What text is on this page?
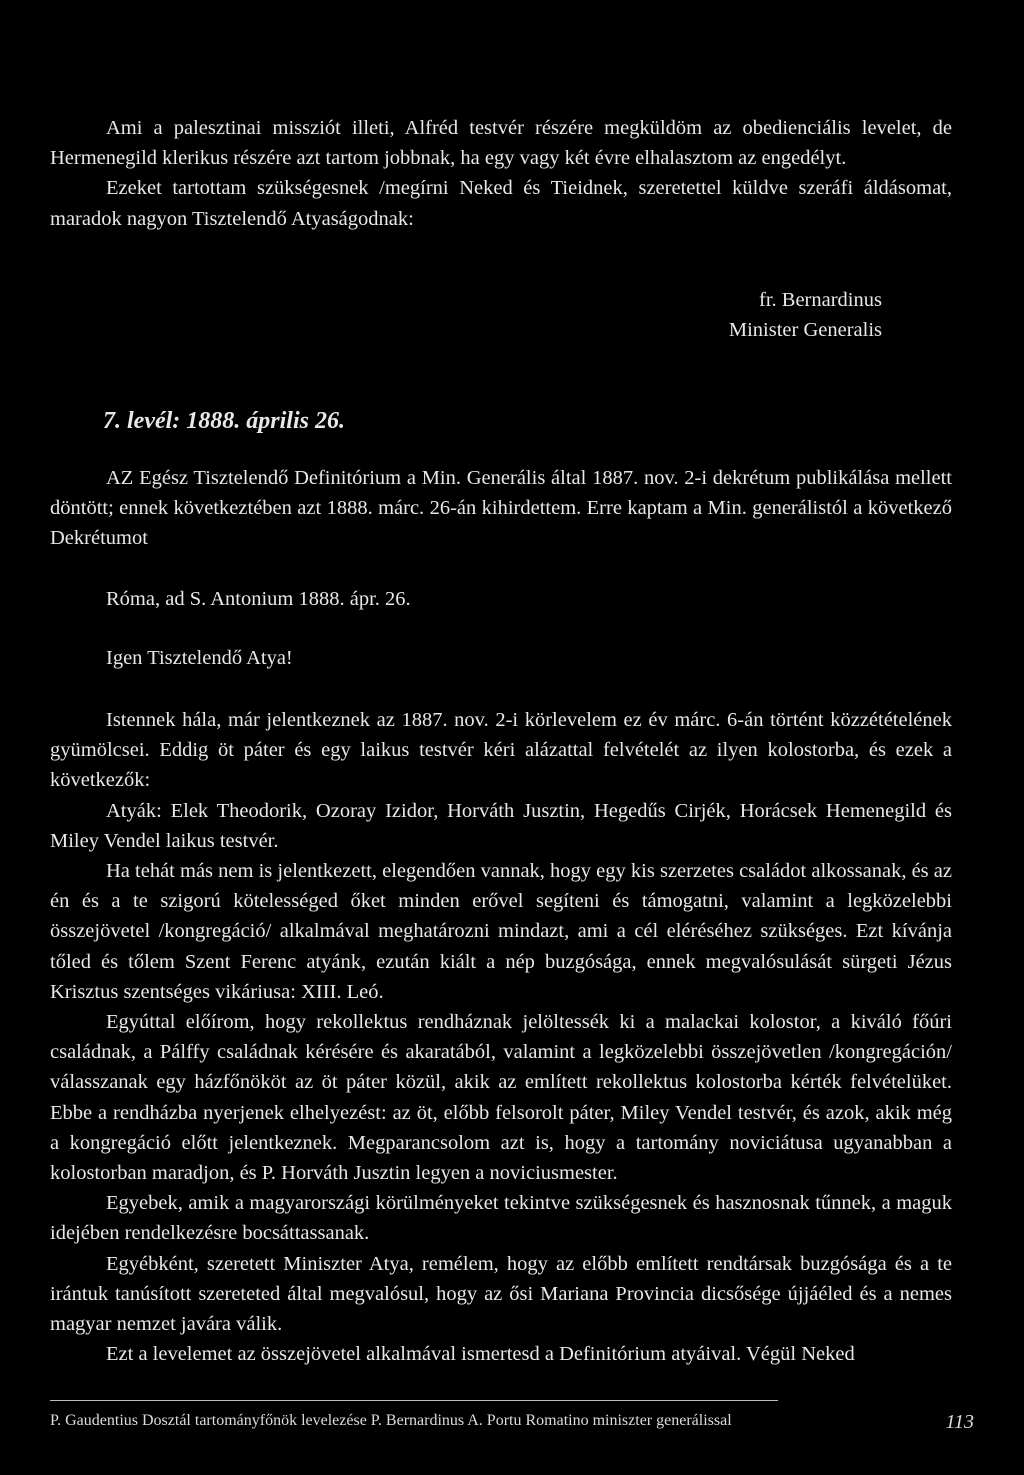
Ami a palesztinai missziót illeti, Alfréd testvér részére megküldöm az obedienciális levelet, de Hermenegild klerikus részére azt tartom jobbnak, ha egy vagy két évre elhalasztom az engedélyt.

Ezeket tartottam szükségesnek /megírni Neked és Tieidnek, szeretettel küldve szeráfi áldásomat, maradok nagyon Tisztelendő Atyaságodnak:

fr. Bernardinus
Minister Generalis
7. levél: 1888. április 26.

AZ Egész Tisztelendő Definitórium a Min. Generális által 1887. nov. 2-i dekrétum publikálása mellett döntött; ennek következtében azt 1888. márc. 26-án kihirdettem. Erre kaptam a Min. generálistól a következő Dekrétumot

Róma, ad S. Antonium 1888. ápr. 26.
Igen Tisztelendő Atya!

Istennek hála, már jelentkeznek az 1887. nov. 2-i körlevelem ez év márc. 6-án történt közzétételének gyümölcsei. Eddig öt páter és egy laikus testvér kéri alázattal felvételét az ilyen kolostorba, és ezek a következők:

Atyák: Elek Theodorik, Ozoray Izidor, Horváth Jusztin, Hegedűs Cirjék, Horácsek Hemenegild és Miley Vendel laikus testvér.

Ha tehát más nem is jelentkezett, elegendően vannak, hogy egy kis szerzetes családot alkossanak, és az én és a te szigorú kötelességed őket minden erővel segíteni és támogatni, valamint a legközelebbi összejövetel /kongregáció/ alkalmával meghatározni mindazt, ami a cél eléréséhez szükséges. Ezt kívánja tőled és tőlem Szent Ferenc atyánk, ezután kiált a nép buzgósága, ennek megvalósulását sürgeti Jézus Krisztus szentséges vikáriusa: XIII. Leó.

Egyúttal előírom, hogy rekollektus rendháznak jelöltessék ki a malackai kolostor, a kiváló főúri családnak, a Pálffy családnak kérésére és akaratából, valamint a legközelebbi összejövetlen /kongregáción/ válasszanak egy házfőnököt az öt páter közül, akik az említett rekollektus kolostorba kérték felvételüket. Ebbe a rendházba nyerjenek elhelyezést: az öt, előbb felsorolt páter, Miley Vendel testvér, és azok, akik még a kongregáció előtt jelentkeznek. Megparancsolom azt is, hogy a tartomány noviciátusa ugyanabban a kolostorban maradjon, és P. Horváth Jusztin legyen a noviciusmester.

Egyebek, amik a magyarországi körülményeket tekintve szükségesnek és hasznosnak tűnnek, a maguk idejében rendelkezésre bocsáttassanak.

Egyébként, szeretett Miniszter Atya, remélem, hogy az előbb említett rendtársak buzgósága és a te irántuk tanúsított szereteted által megvalósul, hogy az ősi Mariana Provincia dicsősége újjáéled és a nemes magyar nemzet javára válik.

Ezt a levelemet az összejövetel alkalmával ismertesd a Definitórium atyáival. Végül Neked

P. Gaudentius Dosztál tartományfőnök levelezése P. Bernardinus A. Portu Romatino miniszter generálissal	113
